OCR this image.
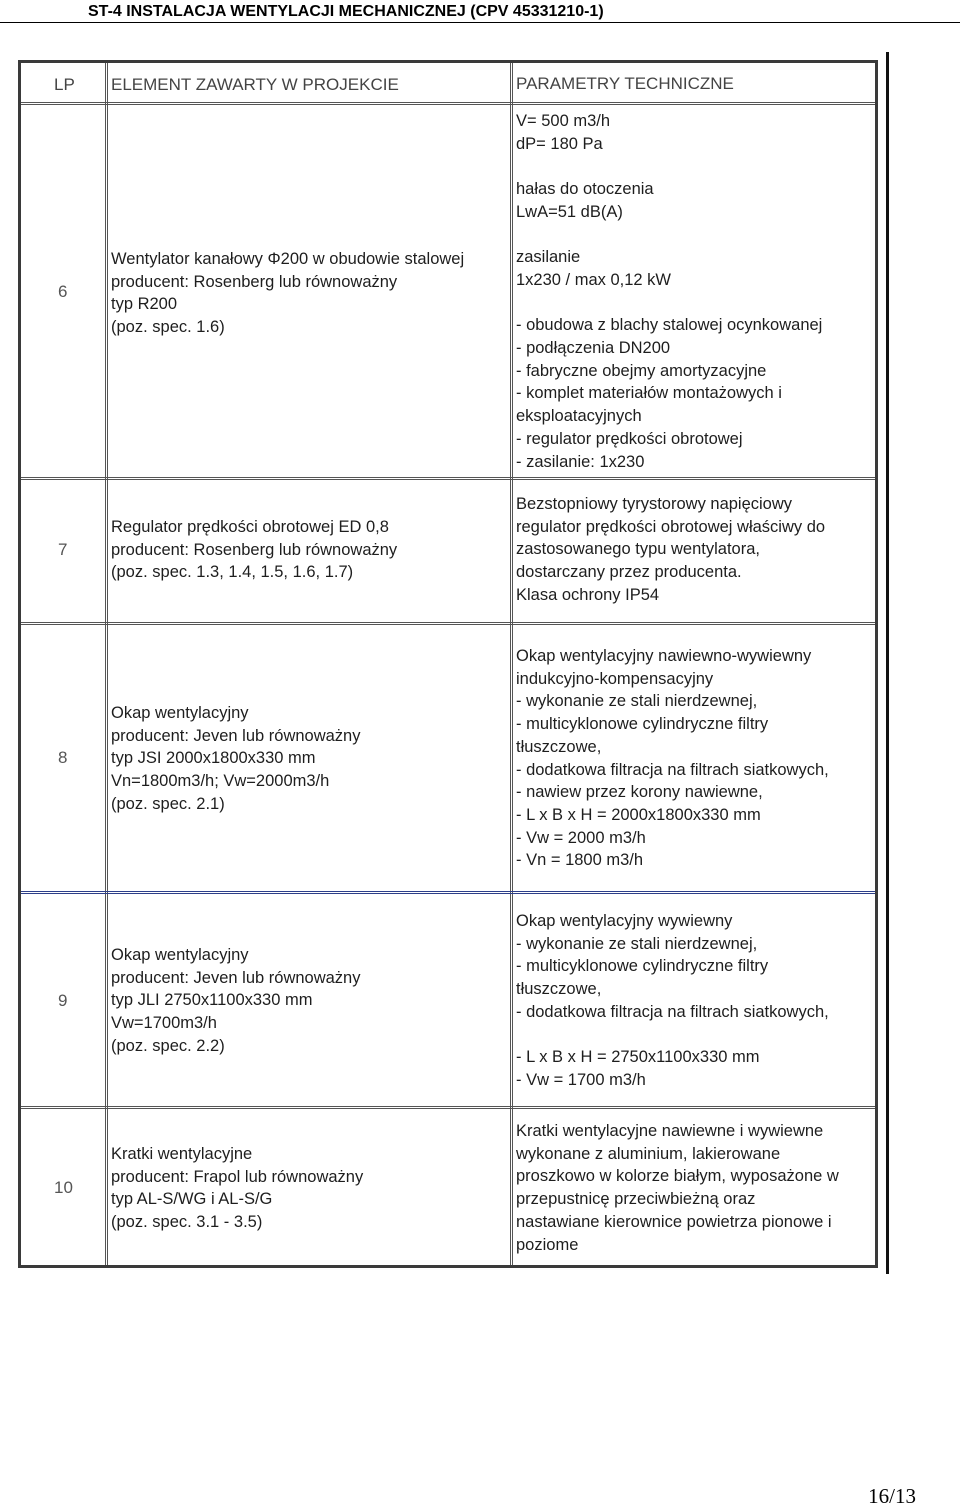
ST-4 INSTALACJA WENTYLACJI MECHANICZNEJ (CPV 45331210-1)
LP ELEMENT ZAWARTY W PROJEKCIE	PARAMETRY TECHNICZNE
6
Wentylator kanałowy Φ200 w obudowie stalowej
producent: Rosenberg lub równoważny
typ R200
(poz. spec. 1.6)
V= 500 m3/h
dP= 180 Pa
hałas do otoczenia
LwA=51 dB(A)
zasilanie
1x230 / max 0,12 kW
- obudowa z blachy stalowej ocynkowanej
- podłączenia DN200
- fabryczne obejmy amortyzacyjne
- komplet materiałów montażowych i
eksploatacyjnych
- regulator prędkości obrotowej
- zasilanie: 1x230
7
Regulator prędkości obrotowej ED 0,8
producent: Rosenberg lub równoważny
(poz. spec. 1.3, 1.4, 1.5, 1.6, 1.7)
Bezstopniowy tyrystorowy napięciowy
regulator prędkości obrotowej właściwy do
zastosowanego typu wentylatora,
dostarczany przez producenta.
Klasa ochrony IP54
8
Okap wentylacyjny
producent: Jeven lub równoważny
typ JSI 2000x1800x330 mm
Vn=1800m3/h; Vw=2000m3/h
(poz. spec. 2.1)
Okap wentylacyjny nawiewno-wywiewny
indukcyjno-kompensacyjny
- wykonanie ze stali nierdzewnej,
- multicyklonowe cylindryczne filtry
tłuszczowe,
- dodatkowa filtracja na filtrach siatkowych,
- nawiew przez korony nawiewne,
- L x B x H = 2000x1800x330 mm
- Vw = 2000 m3/h
- Vn = 1800 m3/h
9
Okap wentylacyjny
producent: Jeven lub równoważny
typ JLI 2750x1100x330 mm
Vw=1700m3/h
(poz. spec. 2.2)
Okap wentylacyjny wywiewny
- wykonanie ze stali nierdzewnej,
- multicyklonowe cylindryczne filtry
tłuszczowe,
- dodatkowa filtracja na filtrach siatkowych,
- L x B x H = 2750x1100x330 mm
- Vw = 1700 m3/h
10
Kratki wentylacyjne
producent: Frapol lub równoważny
typ AL-S/WG i AL-S/G
(poz. spec. 3.1 - 3.5)
Kratki wentylacyjne nawiewne i wywiewne
wykonane z aluminium, lakierowane
proszkowo w kolorze białym, wyposażone w
przepustnicę przeciwbieżną oraz
nastawiane kierownice powietrza pionowe i
poziome
16/13
